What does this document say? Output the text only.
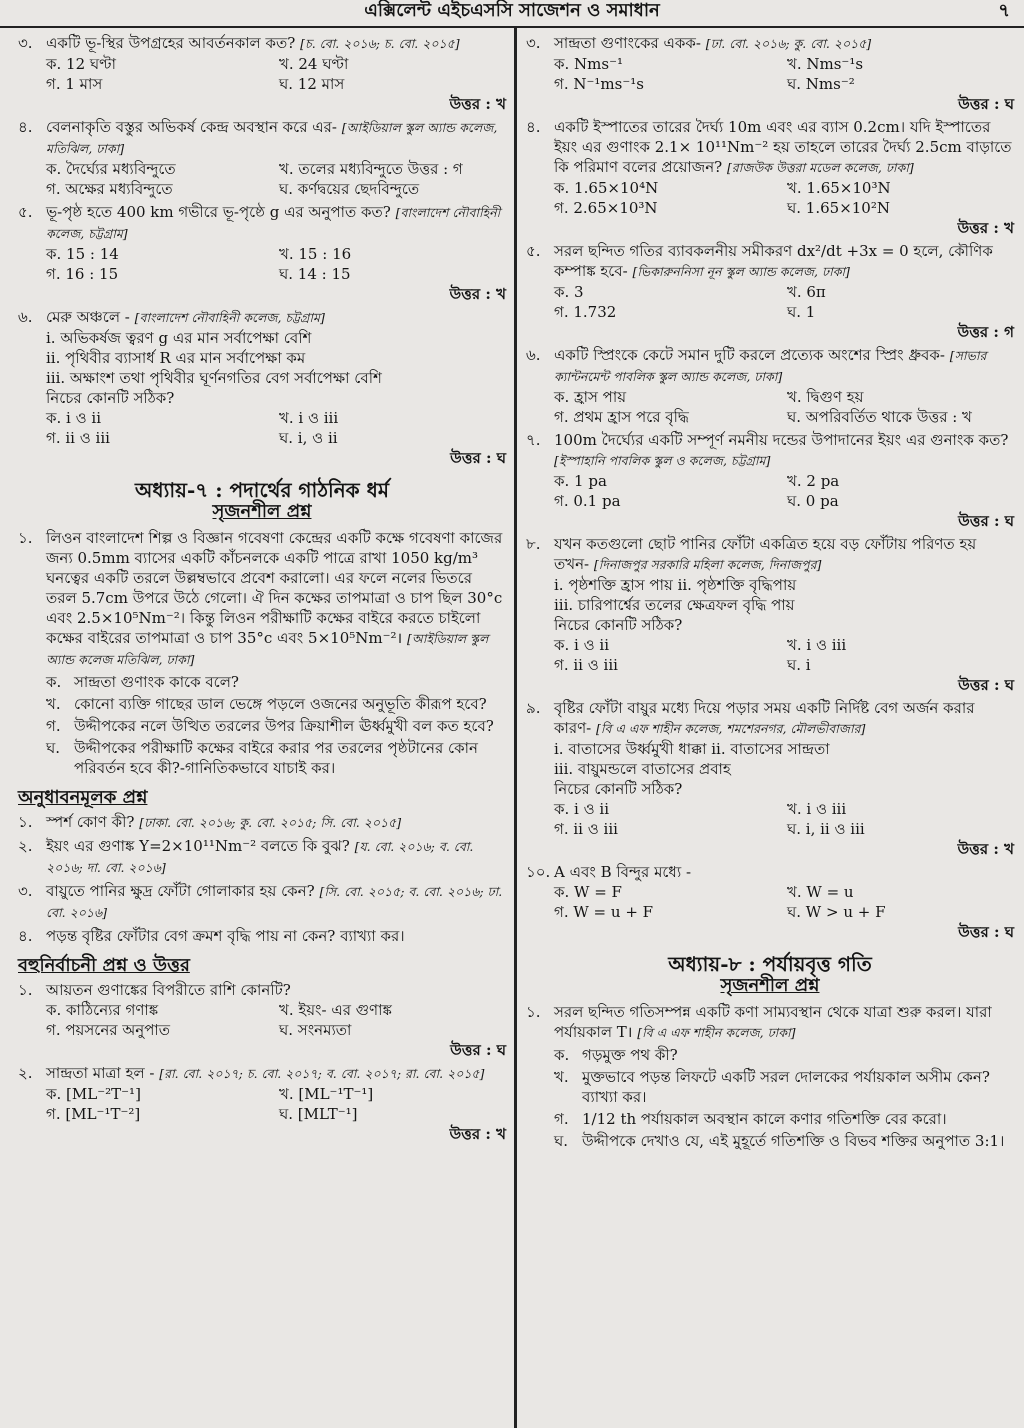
এক্সিলেন্ট এইচএসসি সাজেশন ও সমাধান	৭
৩. একটি ভূ-স্থির উপগ্রহের আবর্তনকাল কত? [চ. বো. ২০১৬; চ. বো. ২০১৫]
ক. 12 ঘণ্টা	খ. 24 ঘণ্টা
গ. 1 মাস	ঘ. 12 মাস
উত্তর : খ
৪. বেলনাকৃতি বস্তুর অভিকর্ষ কেন্দ্র অবস্থান করে এর- [আইডিয়াল স্কুল অ্যান্ড কলেজ, মতিঝিল, ঢাকা]
ক. দৈর্ঘ্যের মধ্যবিন্দুতে	খ. তলের মধ্যবিন্দুতে উত্তর : গ
গ. অক্ষের মধ্যবিন্দুতে	ঘ. কর্ণদ্বয়ের ছেদবিন্দুতে
৫. ভূ-পৃষ্ঠ হতে 400 km গভীরে ভূ-পৃষ্ঠে g এর অনুপাত কত? [বাংলাদেশ নৌবাহিনী কলেজ, চট্টগ্রাম]
ক. 15 : 14	খ. 15 : 16
গ. 16 : 15	ঘ. 14 : 15
উত্তর : খ
৬. মেরু অঞ্চলে - [বাংলাদেশ নৌবাহিনী কলেজ, চট্টগ্রাম]
i. অভিকর্ষজ ত্বরণ g এর মান সর্বাপেক্ষা বেশি
ii. পৃথিবীর ব্যাসার্ধ R এর মান সর্বাপেক্ষা কম
iii. অক্ষাংশ তথা পৃথিবীর ঘূর্ণনগতির বেগ সর্বাপেক্ষা বেশি
নিচের কোনটি সঠিক?
ক. i ও ii	খ. i ও iii
গ. ii ও iii	ঘ. i, ও ii
উত্তর : ঘ
অধ্যায়-৭ : পদার্থের গাঠনিক ধর্ম
সৃজনশীল প্রশ্ন
১. লিওন বাংলাদেশ শিল্প ও বিজ্ঞান গবেষণা কেন্দ্রের একটি কক্ষে গবেষণা কাজের জন্য 0.5mm ব্যাসের একটি কাঁচনলকে একটি পাত্রে রাখা 1050 kg/m³ ঘনত্বের একটি তরলে উল্লম্বভাবে প্রবেশ করালো। এর ফলে নলের ভিতরে তরল 5.7cm উপরে উঠে গেলো। ঐ দিন কক্ষের তাপমাত্রা ও চাপ ছিল 30°c এবং 2.5×10⁵Nm⁻²। কিন্তু লিওন পরীক্ষাটি কক্ষের বাইরে করতে চাইলো কক্ষের বাইরের তাপমাত্রা ও চাপ 35°c এবং 5×10⁵Nm⁻²। [আইডিয়াল স্কুল অ্যান্ড কলেজ মতিঝিল, ঢাকা]
ক. সান্দ্রতা গুণাংক কাকে বলে?
খ. কোনো ব্যক্তি গাছের ডাল ভেঙ্গে পড়লে ওজনের অনুভূতি কীরূপ হবে?
গ. উদ্দীপকের নলে উত্থিত তরলের উপর ক্রিয়াশীল ঊর্ধ্বমুখী বল কত হবে?
ঘ. উদ্দীপকের পরীক্ষাটি কক্ষের বাইরে করার পর তরলের পৃষ্ঠটানের কোন পরিবর্তন হবে কী?-গানিতিকভাবে যাচাই কর।
অনুধাবনমূলক প্রশ্ন
১. স্পর্শ কোণ কী? [ঢাকা. বো. ২০১৬; কু. বো. ২০১৫; সি. বো. ২০১৫]
২. ইয়ং এর গুণাঙ্ক Y=2×10¹¹Nm⁻² বলতে কি বুঝ? [য. বো. ২০১৬; ব. বো. ২০১৬; দা. বো. ২০১৬]
৩. বায়ুতে পানির ক্ষুদ্র ফোঁটা গোলাকার হয় কেন? [সি. বো. ২০১৫; ব. বো. ২০১৬; ঢা. বো. ২০১৬]
৪. পড়ন্ত বৃষ্টির ফোঁটার বেগ ক্রমশ বৃদ্ধি পায় না কেন? ব্যাখ্যা কর।
বহুনির্বাচনী প্রশ্ন ও উত্তর
১. আয়তন গুণাঙ্কের বিপরীতে রাশি কোনটি?
ক. কাঠিন্যের গণাঙ্ক	খ. ইয়ং- এর গুণাঙ্ক
গ. পয়সনের অনুপাত	ঘ. সংনম্যতা
উত্তর : ঘ
২. সান্দ্রতা মাত্রা হল - [রা. বো. ২০১৭; চ. বো. ২০১৭; ব. বো. ২০১৭; রা. বো. ২০১৫]
ক. [ML⁻²T⁻¹]	খ. [ML⁻¹T⁻¹]
গ. [ML⁻¹T⁻²]	ঘ. [MLT⁻¹]
উত্তর : খ
৩. সান্দ্রতা গুণাংকের একক- [ঢা. বো. ২০১৬; কু. বো. ২০১৫]
ক. Nms⁻¹	খ. Nms⁻¹s
গ. N⁻¹ms⁻¹s	ঘ. Nms⁻²
উত্তর : ঘ
৪. একটি ইস্পাতের তারের দৈর্ঘ্য 10m এবং এর ব্যাস 0.2cm। যদি ইস্পাতের ইয়ং এর গুণাংক 2.1× 10¹¹Nm⁻² হয় তাহলে তারের দৈর্ঘ্য 2.5cm বাড়াতে কি পরিমাণ বলের প্রয়োজন? [রাজউক উত্তরা মডেল কলেজ, ঢাকা]
ক. 1.65×10⁴N	খ. 1.65×10³N
গ. 2.65×10³N	ঘ. 1.65×10²N
উত্তর : খ
৫. সরল ছন্দিত গতির ব্যাবকলনীয় সমীকরণ dx²/dt +3x = 0 হলে, কৌণিক কম্পাঙ্ক হবে- [ভিকারুননিসা নূন স্কুল অ্যান্ড কলেজ, ঢাকা]
ক. 3	খ. 6π
গ. 1.732	ঘ. 1
উত্তর : গ
৬. একটি স্প্রিংকে কেটে সমান দুটি করলে প্রত্যেক অংশের স্প্রিং ধ্রুবক- [সাভার ক্যান্টনমেন্ট পাবলিক স্কুল অ্যান্ড কলেজ, ঢাকা]
ক. হ্রাস পায়	খ. দ্বিগুণ হয়
গ. প্রথম হ্রাস পরে বৃদ্ধি	ঘ. অপরিবর্তিত থাকে উত্তর : খ
৭. 100m দৈর্ঘ্যের একটি সম্পূর্ণ নমনীয় দন্ডের উপাদানের ইয়ং এর গুনাংক কত? [ইস্পাহানি পাবলিক স্কুল ও কলেজ, চট্টগ্রাম]
ক. 1 pa	খ. 2 pa
গ. 0.1 pa	ঘ. 0 pa
উত্তর : ঘ
৮. যখন কতগুলো ছোট পানির ফোঁটা একত্রিত হয়ে বড় ফোঁটায় পরিণত হয় তখন- [দিনাজপুর সরকারি মহিলা কলেজ, দিনাজপুর]
i. পৃষ্ঠশক্তি হ্রাস পায় ii. পৃষ্ঠশক্তি বৃদ্ধিপায়
iii. চারিপার্শ্বের তলের ক্ষেত্রফল বৃদ্ধি পায়
নিচের কোনটি সঠিক?
ক. i ও ii	খ. i ও iii
গ. ii ও iii	ঘ. i
উত্তর : ঘ
৯. বৃষ্টির ফোঁটা বায়ুর মধ্যে দিয়ে পড়ার সময় একটি নির্দিষ্ট বেগ অর্জন করার কারণ- [বি এ এফ শাহীন কলেজ, শমশেরনগর, মৌলভীবাজার]
i. বাতাসের উর্ধ্বমুখী ধাক্কা ii. বাতাসের সান্দ্রতা
iii. বায়ুমন্ডলে বাতাসের প্রবাহ
নিচের কোনটি সঠিক?
ক. i ও ii	খ. i ও iii
গ. ii ও iii	ঘ. i, ii ও iii
উত্তর : খ
১০. A এবং B বিন্দুর মধ্যে -
ক. W = F	খ. W = u
গ. W = u + F	ঘ. W > u + F
উত্তর : ঘ
অধ্যায়-৮ : পর্যায়বৃত্ত গতি
সৃজনশীল প্রশ্ন
১. সরল ছন্দিত গতিসম্পন্ন একটি কণা সাম্যবস্থান থেকে যাত্রা শুরু করল। যারা পর্যায়কাল T। [বি এ এফ শাহীন কলেজ, ঢাকা]
ক. গড়মুক্ত পথ কী?
খ. মুক্তভাবে পড়ন্ত লিফটে একটি সরল দোলকের পর্যায়কাল অসীম কেন? ব্যাখ্যা কর।
গ. 1/12 th পর্যায়কাল অবস্থান কালে কণার গতিশক্তি বের করো।
ঘ. উদ্দীপকে দেখাও যে, এই মুহূর্তে গতিশক্তি ও বিভব শক্তির অনুপাত 3:1।
